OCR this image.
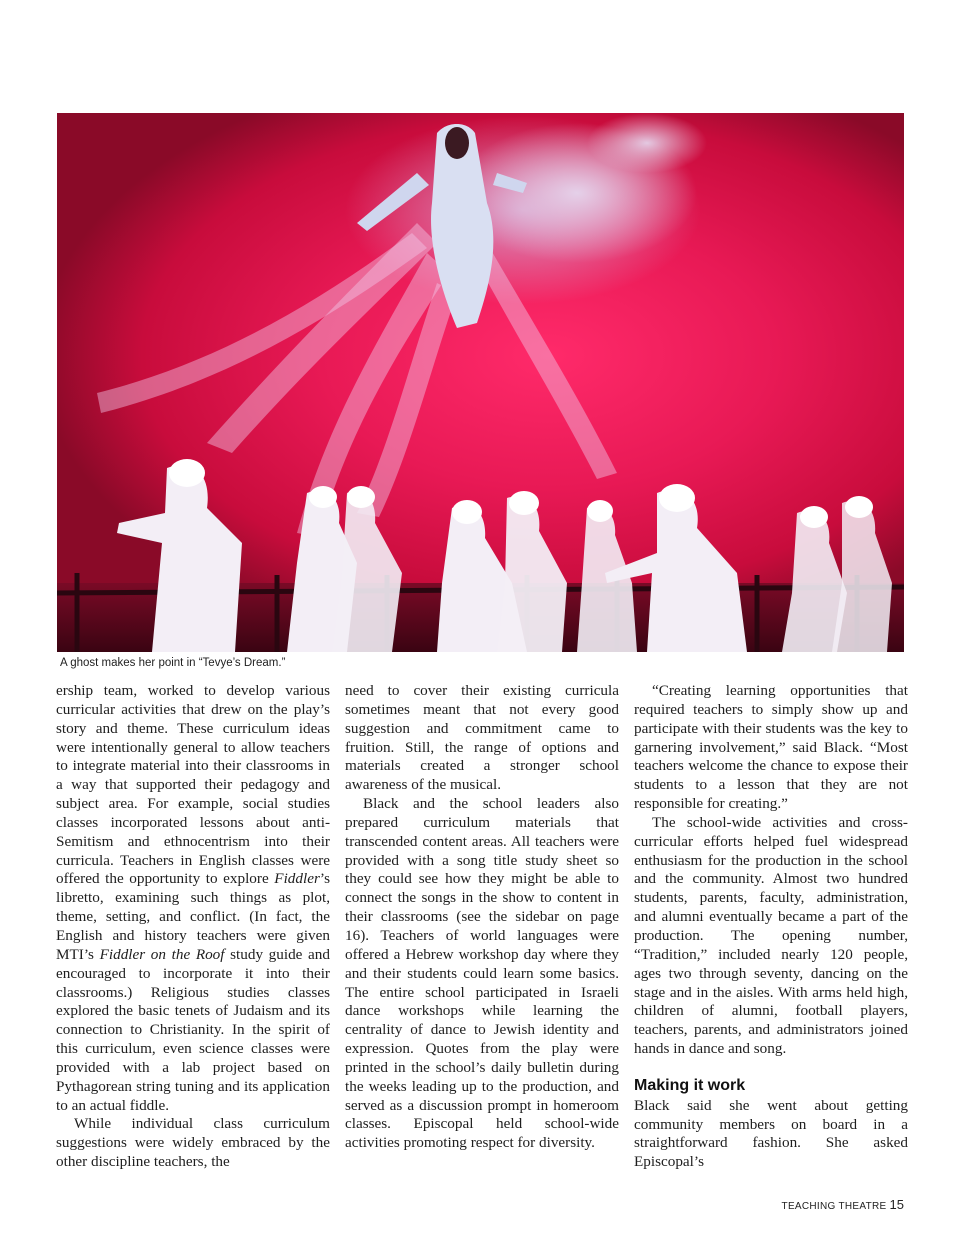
A ghost makes her point in “Tevye’s Dream.”

ership team, worked to develop various curricular activities that drew on the play’s story and theme. These curriculum ideas were intentionally general to allow teachers to integrate material into their classrooms in a way that supported their pedagogy and subject area. For example, social studies classes incorporated lessons about anti-Semitism and ethnocentrism into their curricula. Teachers in English classes were offered the opportunity to explore Fiddler’s libretto, examining such things as plot, theme, setting, and conflict. (In fact, the English and history teachers were given MTI’s Fiddler on the Roof study guide and encouraged to incorporate it into their classrooms.) Religious studies classes explored the basic tenets of Judaism and its connection to Christianity. In the spirit of this curriculum, even science classes were provided with a lab project based on Pythagorean string tuning and its application to an actual fiddle.

While individual class curriculum suggestions were widely embraced by the other discipline teachers, the

need to cover their existing curricula sometimes meant that not every good suggestion and commitment came to fruition. Still, the range of options and materials created a stronger school awareness of the musical.

Black and the school leaders also prepared curriculum materials that transcended content areas. All teachers were provided with a song title study sheet so they could see how they might be able to connect the songs in the show to content in their classrooms (see the sidebar on page 16). Teachers of world languages were offered a Hebrew workshop day where they and their students could learn some basics. The entire school participated in Israeli dance workshops while learning the centrality of dance to Jewish identity and expression. Quotes from the play were printed in the school’s daily bulletin during the weeks leading up to the production, and served as a discussion prompt in homeroom classes. Episcopal held school-wide activities promoting respect for diversity.

“Creating learning opportunities that required teachers to simply show up and participate with their students was the key to garnering involvement,” said Black. “Most teachers welcome the chance to expose their students to a lesson that they are not responsible for creating.”

The school-wide activities and cross-curricular efforts helped fuel widespread enthusiasm for the production in the school and the community. Almost two hundred students, parents, faculty, administration, and alumni eventually became a part of the production. The opening number, “Tradition,” included nearly 120 people, ages two through seventy, dancing on the stage and in the aisles. With arms held high, children of alumni, football players, teachers, parents, and administrators joined hands in dance and song.

Making it work

Black said she went about getting community members on board in a straightforward fashion. She asked Episcopal’s

TEACHING THEATRE 15
